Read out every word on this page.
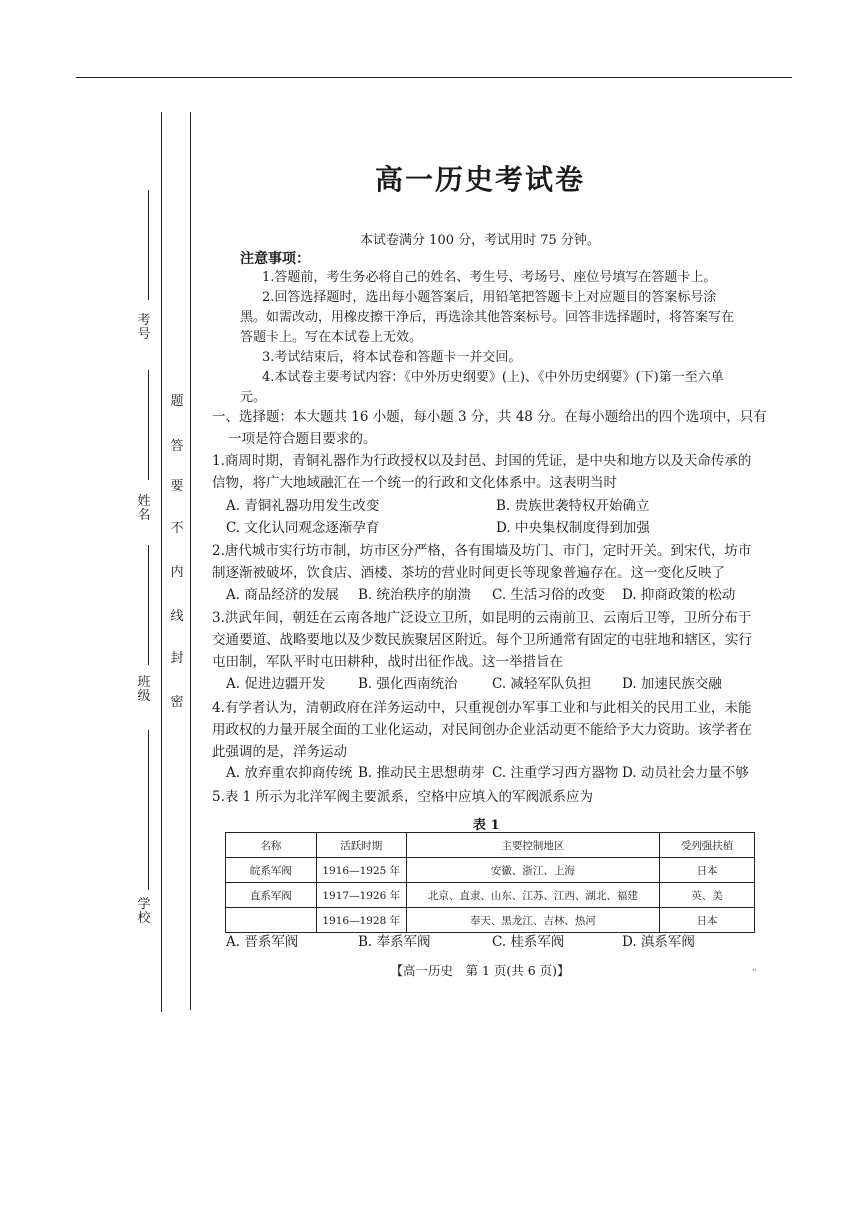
考号
姓名
班级
学校
题
答
要
不
内
线
封
密
高一历史考试卷
本试卷满分 100 分，考试用时 75 分钟。
注意事项：
1.答题前，考生务必将自己的姓名、考生号、考场号、座位号填写在答题卡上。
2.回答选择题时，选出每小题答案后，用铅笔把答题卡上对应题目的答案标号涂黑。如需改动，用橡皮擦干净后，再选涂其他答案标号。回答非选择题时，将答案写在答题卡上。写在本试卷上无效。
3.考试结束后，将本试卷和答题卡一并交回。
4.本试卷主要考试内容：《中外历史纲要》(上)、《中外历史纲要》(下)第一至六单元。
一、选择题：本大题共 16 小题，每小题 3 分，共 48 分。在每小题给出的四个选项中，只有一项是符合题目要求的。
1.商周时期，青铜礼器作为行政授权以及封邑、封国的凭证，是中央和地方以及天命传承的信物，将广大地域融汇在一个统一的行政和文化体系中。这表明当时
A. 青铜礼器功用发生改变	B. 贵族世袭特权开始确立
C. 文化认同观念逐渐孕育	D. 中央集权制度得到加强
2.唐代城市实行坊市制，坊市区分严格，各有围墙及坊门、市门，定时开关。到宋代，坊市制逐渐被破坏，饮食店、酒楼、茶坊的营业时间更长等现象普遍存在。这一变化反映了
A. 商品经济的发展 B. 统治秩序的崩溃 C. 生活习俗的改变 D. 抑商政策的松动
3.洪武年间，朝廷在云南各地广泛设立卫所，如昆明的云南前卫、云南后卫等，卫所分布于交通要道、战略要地以及少数民族聚居区附近。每个卫所通常有固定的屯驻地和辖区，实行屯田制，军队平时屯田耕种，战时出征作战。这一举措旨在
A. 促进边疆开发 B. 强化西南统治	C. 减轻军队负担 D. 加速民族交融
4.有学者认为，清朝政府在洋务运动中，只重视创办军事工业和与此相关的民用工业，未能用政权的力量开展全面的工业化运动，对民间创办企业活动更不能给予大力资助。该学者在此强调的是，洋务运动
A. 放弃重农抑商传统 B. 推动民主思想萌芽 C. 注重学习西方器物 D. 动员社会力量不够
5.表 1 所示为北洋军阀主要派系，空格中应填入的军阀派系应为
表 1
名称	活跃时期	主要控制地区	受列强扶植
皖系军阀	1916—1925 年	安徽、浙江、上海	日本
直系军阀	1917—1926 年	北京、直隶、山东、江苏、江西、湖北、福建	英、美
	1916—1928 年	奉天、黑龙江、吉林、热河	日本
A. 晋系军阀	B. 奉系军阀	C. 桂系军阀	D. 滇系军阀
【高一历史　第 1 页(共 6 页)】	··
